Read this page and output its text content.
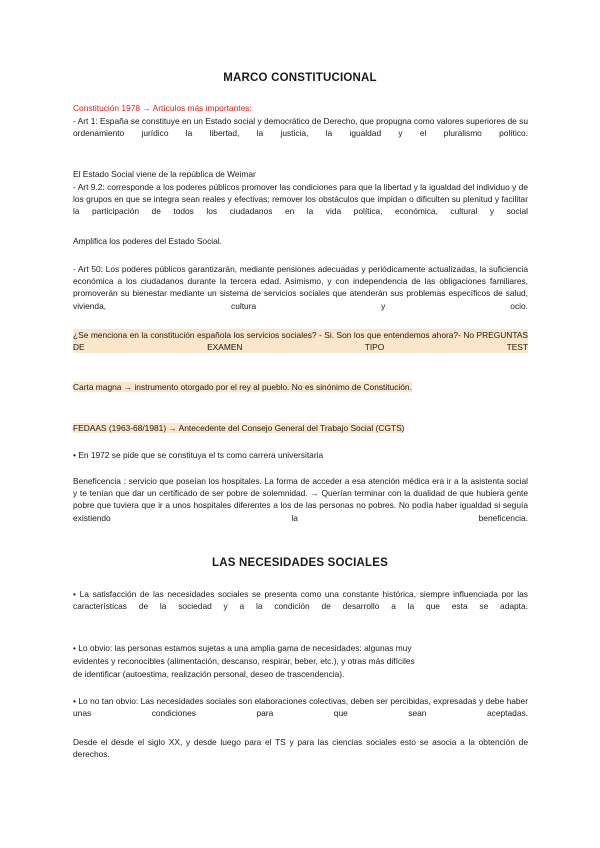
MARCO CONSTITUCIONAL

Constitución 1978 → Artículos más importantes:

- Art 1: España se constituye en un Estado social y democrático de Derecho, que propugna como valores superiores de su ordenamiento jurídico la libertad, la justicia, la igualdad y el pluralismo político.

El Estado Social viene de la república de Weimar

- Art 9.2: corresponde a los poderes públicos promover las condiciones para que la libertad y la igualdad del individuo y de los grupos en que se integra sean reales y efectivas; remover los obstáculos que impidan o dificulten su plenitud y facilitar la participación de todos los ciudadanos en la vida política, económica, cultural y social

Amplifica los poderes del Estado Social.

- Art 50: Los poderes públicos garantizarán, mediante pensiones adecuadas y periódicamente actualizadas, la suficiencia económica a los ciudadanos durante la tercera edad. Asimismo, y con independencia de las obligaciones familiares, promoverán su bienestar mediante un sistema de servicios sociales que atenderán sus problemas específicos de salud, vivienda, cultura y ocio.

¿Se menciona en la constitución española los servicios sociales? - Si. Son los que entendemos ahora?- No PREGUNTAS DE EXAMEN TIPO TEST

Carta magna → instrumento otorgado por el rey al pueblo. No es sinónimo de Constitución.

FEDAAS (1963-68/1981) → Antecedente del Consejo General del Trabajo Social (CGTS)

• En 1972 se pide que se constituya el ts como carrera universitaria

Beneficencia : servicio que poseían los hospitales. La forma de acceder a esa atención médica era ir a la asistenta social y te tenían que dar un certificado de ser pobre de solemnidad. → Querían terminar con la dualidad de que hubiera gente pobre que tuviera que ir a unos hospitales diferentes a los de las personas no pobres. No podía haber igualdad si seguía existiendo la beneficencia.

LAS NECESIDADES SOCIALES

• La satisfacción de las necesidades sociales se presenta como una constante histórica, siempre influenciada por las características de la sociedad y a la condición de desarrollo a la que esta se adapta.

• Lo obvio: las personas estamos sujetas a una amplia gama de necesidades: algunas muy

evidentes y reconocibles (alimentación, descanso, respirar, beber, etc.), y otras más difíciles

de identificar (autoestima, realización personal, deseo de trascendencia).

• Lo no tan obvio: Las necesidades sociales son elaboraciones colectivas, deben ser percibidas, expresadas y debe haber unas condiciones para que sean aceptadas.

Desde el desde el siglo XX, y desde luego para el TS y para las ciencias sociales esto se asocia a la obtención de derechos.
